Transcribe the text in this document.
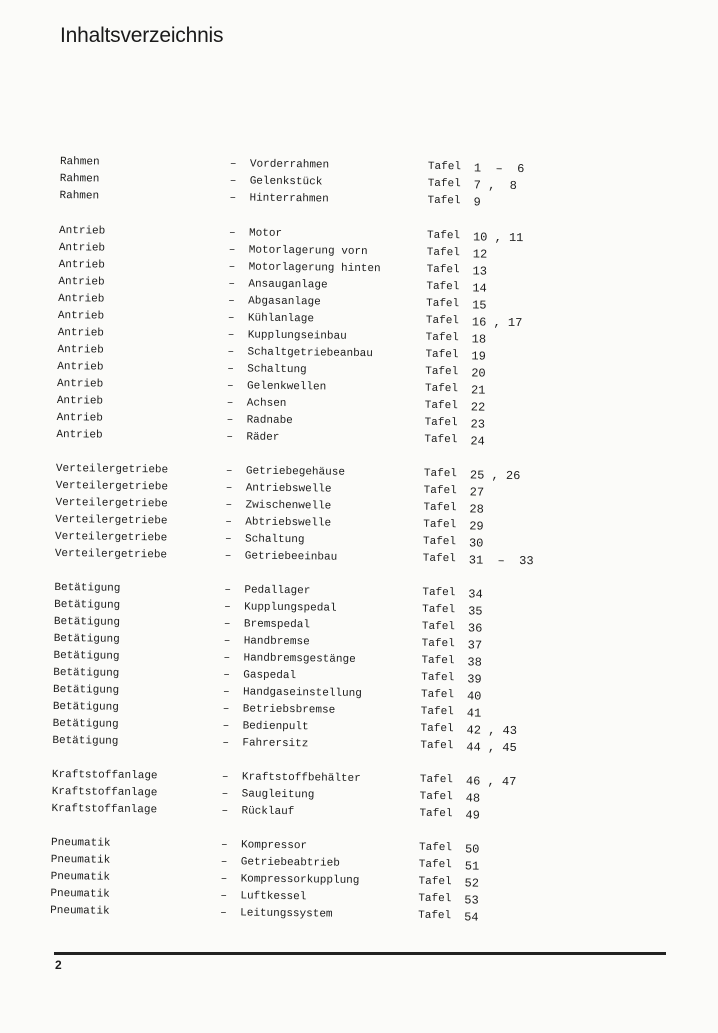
Inhaltsverzeichnis
Rahmen	– Vorderrahmen	Tafel 1  –  6
Rahmen	– Gelenkstück	Tafel 7 ,  8
Rahmen	– Hinterrahmen	Tafel 9
Antrieb	– Motor	Tafel 10 , 11
Antrieb	– Motorlagerung vorn	Tafel 12
Antrieb	– Motorlagerung hinten	Tafel 13
Antrieb	– Ansauganlage	Tafel 14
Antrieb	– Abgasanlage	Tafel 15
Antrieb	– Kühlanlage	Tafel 16 , 17
Antrieb	– Kupplungseinbau	Tafel 18
Antrieb	– Schaltgetriebeanbau	Tafel 19
Antrieb	– Schaltung	Tafel 20
Antrieb	– Gelenkwellen	Tafel 21
Antrieb	– Achsen	Tafel 22
Antrieb	– Radnabe	Tafel 23
Antrieb	– Räder	Tafel 24
Verteilergetriebe	– Getriebegehäuse	Tafel 25 , 26
Verteilergetriebe	– Antriebswelle	Tafel 27
Verteilergetriebe	– Zwischenwelle	Tafel 28
Verteilergetriebe	– Abtriebswelle	Tafel 29
Verteilergetriebe	– Schaltung	Tafel 30
Verteilergetriebe	– Getriebeeinbau	Tafel 31  –  33
Betätigung	– Pedallager	Tafel 34
Betätigung	– Kupplungspedal	Tafel 35
Betätigung	– Bremspedal	Tafel 36
Betätigung	– Handbremse	Tafel 37
Betätigung	– Handbremsgestänge	Tafel 38
Betätigung	– Gaspedal	Tafel 39
Betätigung	– Handgaseinstellung	Tafel 40
Betätigung	– Betriebsbremse	Tafel 41
Betätigung	– Bedienpult	Tafel 42 , 43
Betätigung	– Fahrersitz	Tafel 44 , 45
Kraftstoffanlage	– Kraftstoffbehälter	Tafel 46 , 47
Kraftstoffanlage	– Saugleitung	Tafel 48
Kraftstoffanlage	– Rücklauf	Tafel 49
Pneumatik	– Kompressor	Tafel 50
Pneumatik	– Getriebeabtrieb	Tafel 51
Pneumatik	– Kompressorkupplung	Tafel 52
Pneumatik	– Luftkessel	Tafel 53
Pneumatik	– Leitungssystem	Tafel 54
2
